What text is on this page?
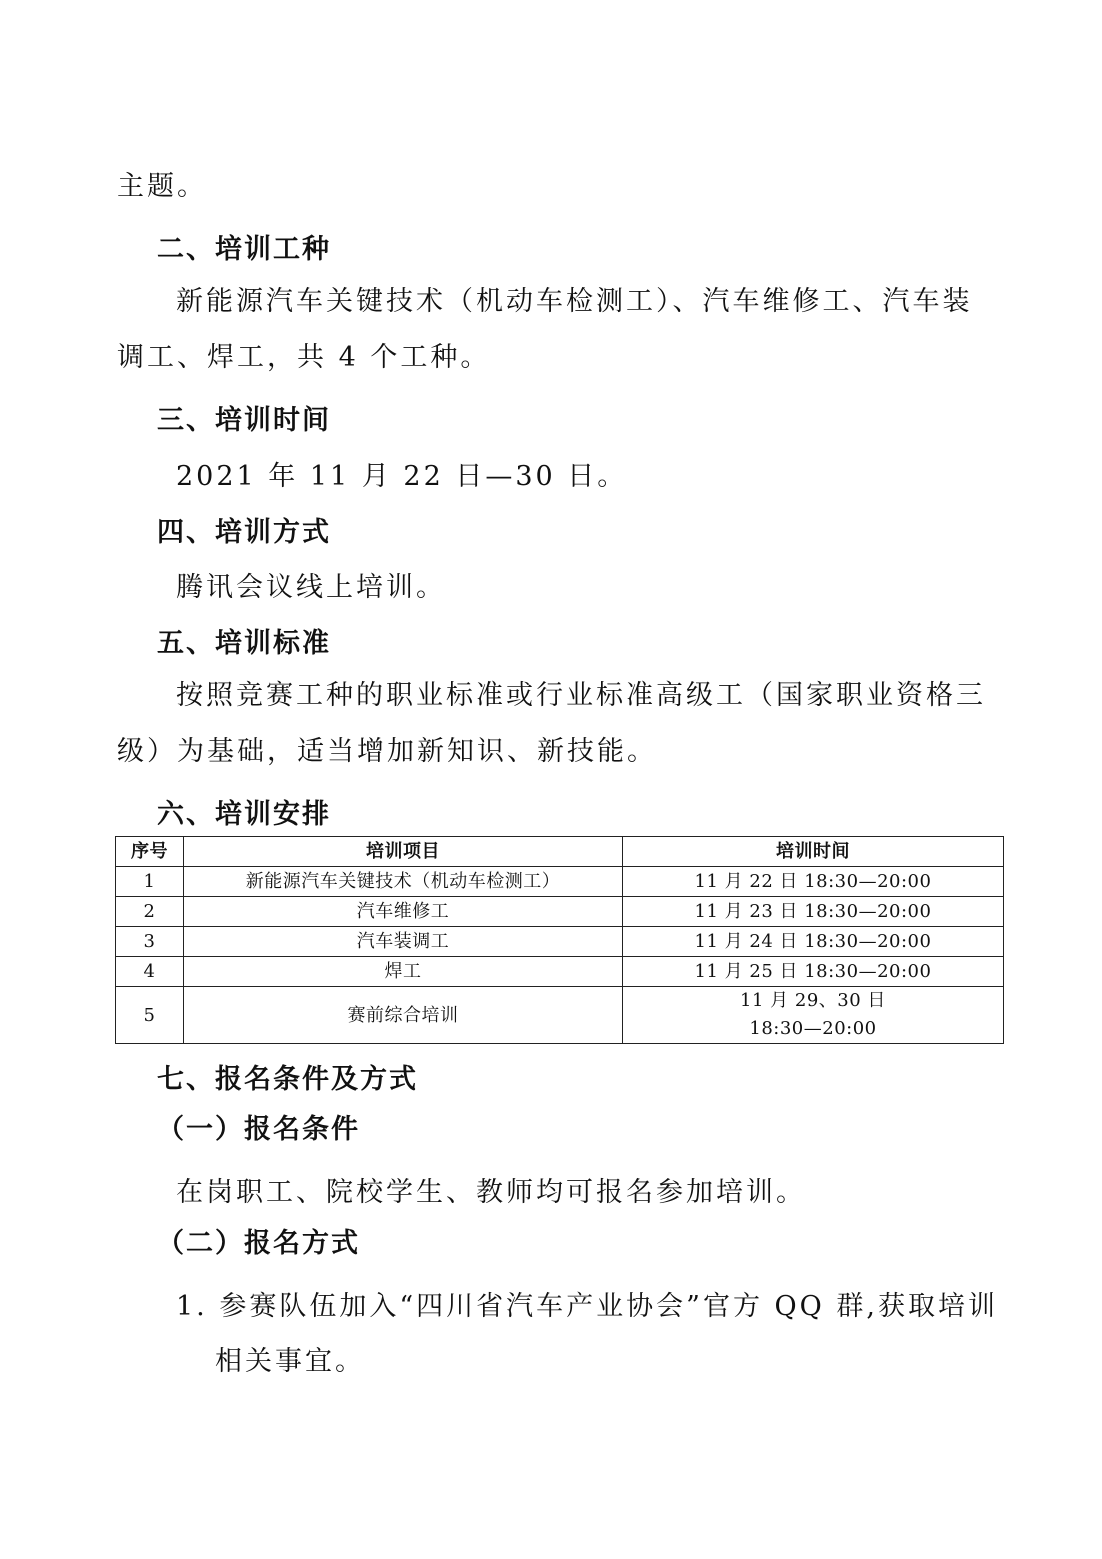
主题。
二、培训工种
新能源汽车关键技术（机动车检测工）、汽车维修工、汽车装
调工、焊工，共 4 个工种。
三、培训时间
2021 年 11 月 22 日—30 日。
四、培训方式
腾讯会议线上培训。
五、培训标准
按照竞赛工种的职业标准或行业标准高级工（国家职业资格三
级）为基础，适当增加新知识、新技能。
六、培训安排
序号	培训项目	培训时间
1	新能源汽车关键技术（机动车检测工）	11 月 22 日 18:30—20:00
2	汽车维修工	11 月 23 日 18:30—20:00
3	汽车装调工	11 月 24 日 18:30—20:00
4	焊工	11 月 25 日 18:30—20:00
5	赛前综合培训	11 月 29、30 日
18:30—20:00
七、报名条件及方式
（一）报名条件
在岗职工、院校学生、教师均可报名参加培训。
（二）报名方式
1. 参赛队伍加入“四川省汽车产业协会”官方 QQ 群,获取培训
相关事宜。
